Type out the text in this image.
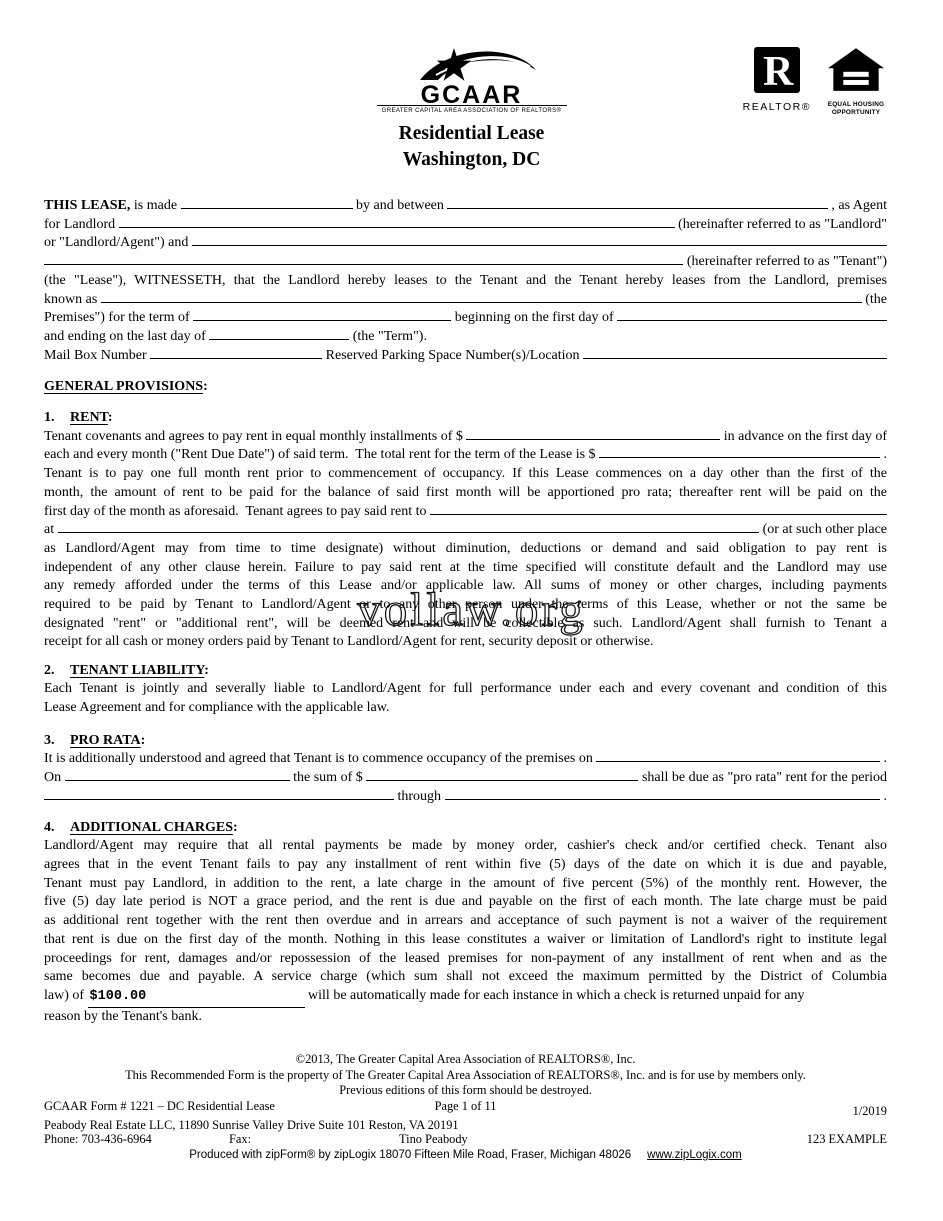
GCAAR
GREATER CAPITAL AREA ASSOCIATION OF REALTORS®
Residential Lease
Washington, DC
R
REALTOR®	EQUAL HOUSING
OPPORTUNITY
THIS LEASE, is made	by and between	, as Agent
for Landlord	(hereinafter referred to as "Landlord"
or "Landlord/Agent") and
(hereinafter referred to as "Tenant")
(the "Lease"), WITNESSETH, that the Landlord hereby leases to the Tenant and the Tenant hereby leases from the Landlord, premises
known as	(the
Premises") for the term of	beginning on the first day of
and ending on the last day of	(the "Term").
Mail Box Number	Reserved Parking Space Number(s)/Location
GENERAL PROVISIONS:
1. RENT:
Tenant covenants and agrees to pay rent in equal monthly installments of $	in advance on the first day of
each and every month ("Rent Due Date") of said term.  The total rent for the term of the Lease is $	.
Tenant is to pay one full month rent prior to commencement of occupancy. If this Lease commences on a day other than the first of the
month, the amount of rent to be paid for the balance of said first month will be apportioned pro rata; thereafter rent will be paid on the
first day of the month as aforesaid.  Tenant agrees to pay said rent to
at	(or at such other place
as Landlord/Agent may from time to time designate) without diminution, deductions or demand and said obligation to pay rent is
independent of any other clause herein. Failure to pay said rent at the time specified will constitute default and the Landlord may use
any remedy afforded under the terms of this Lease and/or applicable law. All sums of money or other charges, including payments
required to be paid by Tenant to Landlord/Agent or to any other person under the terms of this Lease, whether or not the same be
designated "rent" or "additional rent", will be deemed rent and will be collectible as such. Landlord/Agent shall furnish to Tenant a
receipt for all cash or money orders paid by Tenant to Landlord/Agent for rent, security deposit or otherwise.
2. TENANT LIABILITY:
Each Tenant is jointly and severally liable to Landlord/Agent for full performance under each and every covenant and condition of this
Lease Agreement and for compliance with the applicable law.
3. PRO RATA:
It is additionally understood and agreed that Tenant is to commence occupancy of the premises on	.
On	the sum of $	shall be due as "pro rata" rent for the period
through	.
4. ADDITIONAL CHARGES:
Landlord/Agent may require that all rental payments be made by money order, cashier's check and/or certified check. Tenant also
agrees that in the event Tenant fails to pay any installment of rent within five (5) days of the date on which it is due and payable,
Tenant must pay Landlord, in addition to the rent, a late charge in the amount of five percent (5%) of the monthly rent. However, the
five (5) day late period is NOT a grace period, and the rent is due and payable on the first of each month. The late charge must be paid
as additional rent together with the rent then overdue and in arrears and acceptance of such payment is not a waiver of the requirement
that rent is due on the first day of the month. Nothing in this lease constitutes a waiver or limitation of Landlord's right to institute legal
proceedings for rent, damages and/or repossession of the leased premises for non-payment of any installment of rent when and as the
same becomes due and payable. A service charge (which sum shall not exceed the maximum permitted by the District of Columbia
law) of $100.00	will be automatically made for each instance in which a check is returned unpaid for any
reason by the Tenant's bank.
vollaw.org
©2013, The Greater Capital Area Association of REALTORS®, Inc.
This Recommended Form is the property of The Greater Capital Area Association of REALTORS®, Inc. and is for use by members only.
Previous editions of this form should be destroyed.
GCAAR Form # 1221 – DC Residential Lease	Page 1 of 11	1/2019
Peabody Real Estate LLC, 11890 Sunrise Valley Drive Suite 101 Reston, VA 20191
Phone: 703-436-6964	Fax:	Tino Peabody	123 EXAMPLE
Produced with zipForm® by zipLogix 18070 Fifteen Mile Road, Fraser, Michigan 48026 www.zipLogix.com
